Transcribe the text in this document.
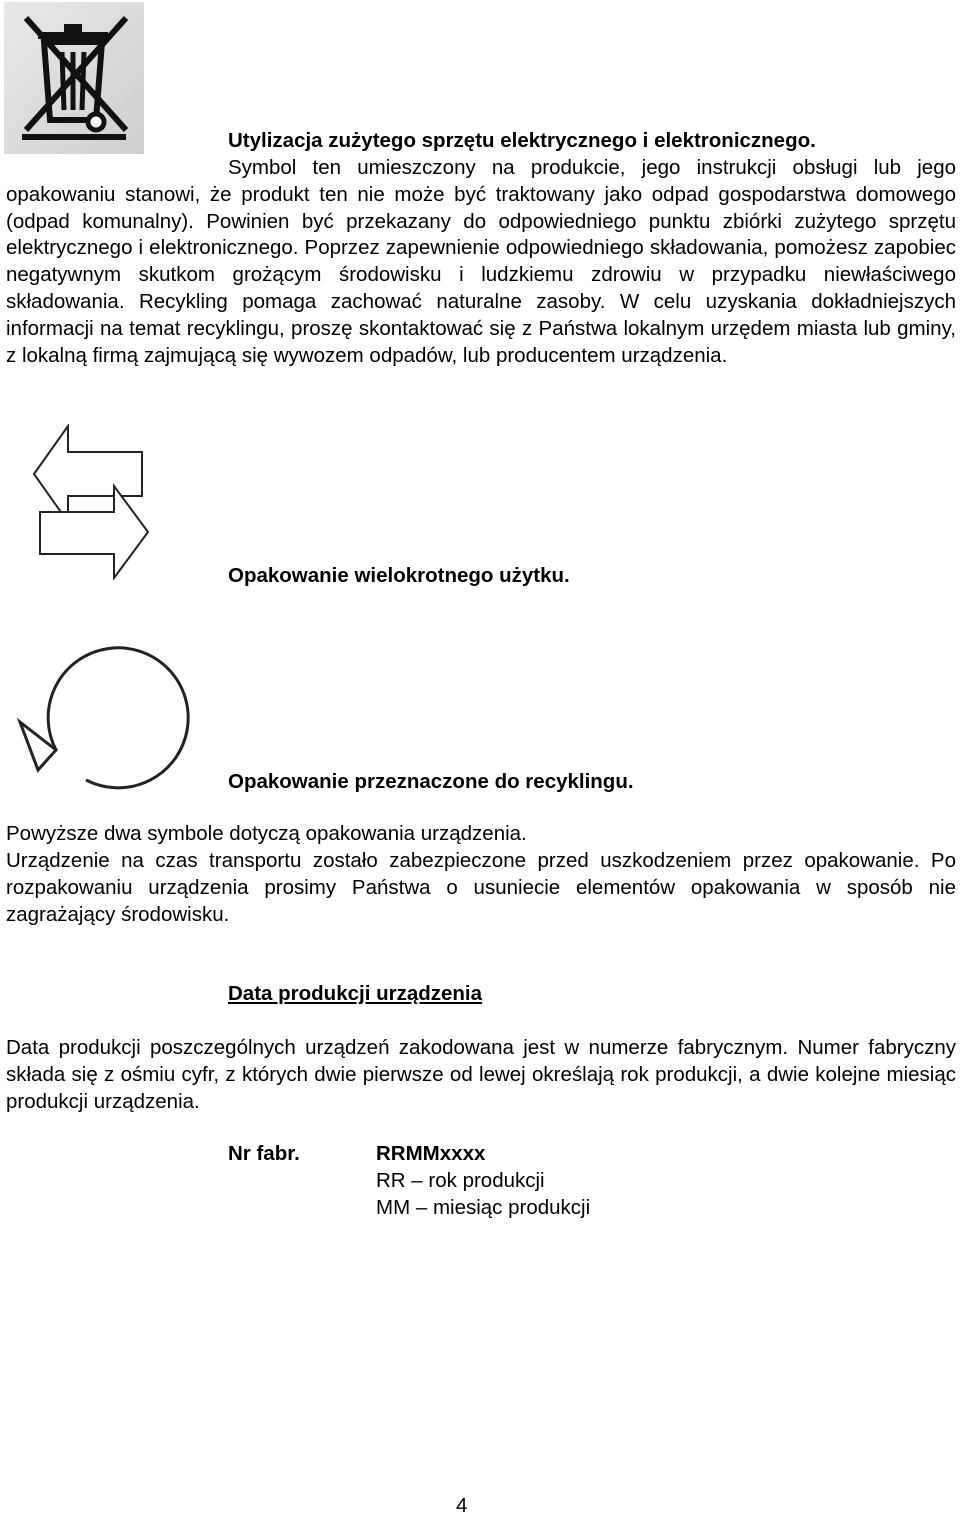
Utylizacja zużytego sprzętu elektrycznego i elektronicznego.
Symbol ten umieszczony na produkcie, jego instrukcji obsługi lub jego opakowaniu stanowi, że produkt ten nie może być traktowany jako odpad gospodarstwa domowego (odpad komunalny). Powinien być przekazany do odpowiedniego punktu zbiórki zużytego sprzętu elektrycznego i elektronicznego. Poprzez zapewnienie odpowiedniego składowania, pomożesz zapobiec negatywnym skutkom grożącym środowisku i ludzkiemu zdrowiu w przypadku niewłaściwego składowania. Recykling pomaga zachować naturalne zasoby. W celu uzyskania dokładniejszych informacji na temat recyklingu, proszę skontaktować się z Państwa lokalnym urzędem miasta lub gminy, z lokalną firmą zajmującą się wywozem odpadów, lub producentem urządzenia.
Opakowanie wielokrotnego użytku.
Opakowanie przeznaczone do recyklingu.
Powyższe dwa symbole dotyczą opakowania urządzenia.
Urządzenie na czas transportu zostało zabezpieczone przed uszkodzeniem przez opakowanie. Po rozpakowaniu urządzenia prosimy Państwa o usuniecie elementów opakowania w sposób nie zagrażający środowisku.
Data produkcji urządzenia
Data produkcji poszczególnych urządzeń zakodowana jest w numerze fabrycznym. Numer fabryczny składa się z ośmiu cyfr, z których dwie pierwsze od lewej określają rok produkcji, a dwie kolejne miesiąc produkcji urządzenia.
Nr fabr.	RRMMxxxx
RR – rok produkcji
MM – miesiąc produkcji
4
